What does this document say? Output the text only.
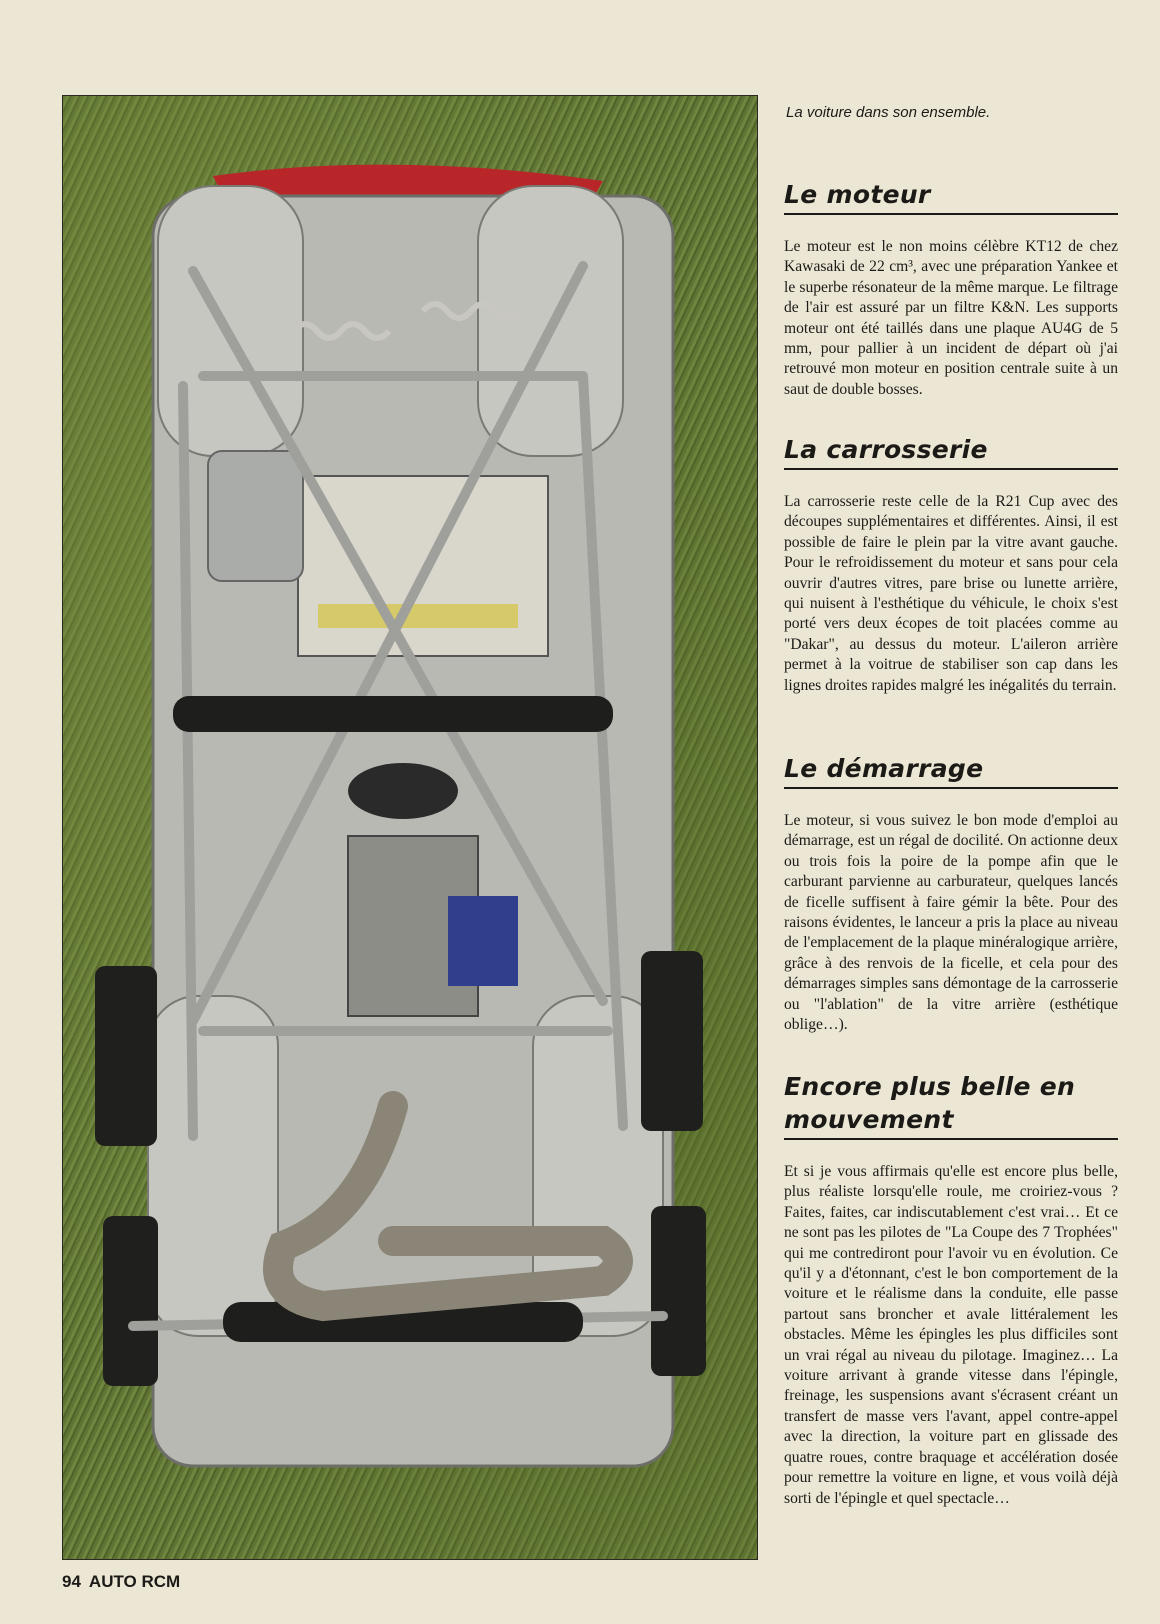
La voiture dans son ensemble.
Le moteur

Le moteur est le non moins célèbre KT12 de chez Kawasaki de 22 cm³, avec une préparation Yankee et le superbe résonateur de la même marque. Le filtrage de l'air est assuré par un filtre K&N. Les supports moteur ont été taillés dans une plaque AU4G de 5 mm, pour pallier à un incident de départ où j'ai retrouvé mon moteur en position centrale suite à un saut de double bosses.

La carrosserie

La carrosserie reste celle de la R21 Cup avec des découpes supplémentaires et différentes. Ainsi, il est possible de faire le plein par la vitre avant gauche. Pour le refroidissement du moteur et sans pour cela ouvrir d'autres vitres, pare brise ou lunette arrière, qui nuisent à l'esthétique du véhicule, le choix s'est porté vers deux écopes de toit placées comme au "Dakar", au dessus du moteur. L'aileron arrière permet à la voitrue de stabiliser son cap dans les lignes droites rapides malgré les inégalités du terrain.

Le démarrage

Le moteur, si vous suivez le bon mode d'emploi au démarrage, est un régal de docilité. On actionne deux ou trois fois la poire de la pompe afin que le carburant parvienne au carburateur, quelques lancés de ficelle suffisent à faire gémir la bête. Pour des raisons évidentes, le lanceur a pris la place au niveau de l'emplacement de la plaque minéralogique arrière, grâce à des renvois de la ficelle, et cela pour des démarrages simples sans démontage de la carrosserie ou "l'ablation" de la vitre arrière (esthétique oblige…).

Encore plus belle en mouvement

Et si je vous affirmais qu'elle est encore plus belle, plus réaliste lorsqu'elle roule, me croiriez-vous ? Faites, faites, car indiscutablement c'est vrai… Et ce ne sont pas les pilotes de "La Coupe des 7 Trophées" qui me contrediront pour l'avoir vu en évolution. Ce qu'il y a d'étonnant, c'est le bon comportement de la voiture et le réalisme dans la conduite, elle passe partout sans broncher et avale littéralement les obstacles. Même les épingles les plus difficiles sont un vrai régal au niveau du pilotage. Imaginez… La voiture arrivant à grande vitesse dans l'épingle, freinage, les suspensions avant s'écrasent créant un transfert de masse vers l'avant, appel contre-appel avec la direction, la voiture part en glissade des quatre roues, contre braquage et accélération dosée pour remettre la voiture en ligne, et vous voilà déjà sorti de l'épingle et quel spectacle…

94 AUTO RCM
